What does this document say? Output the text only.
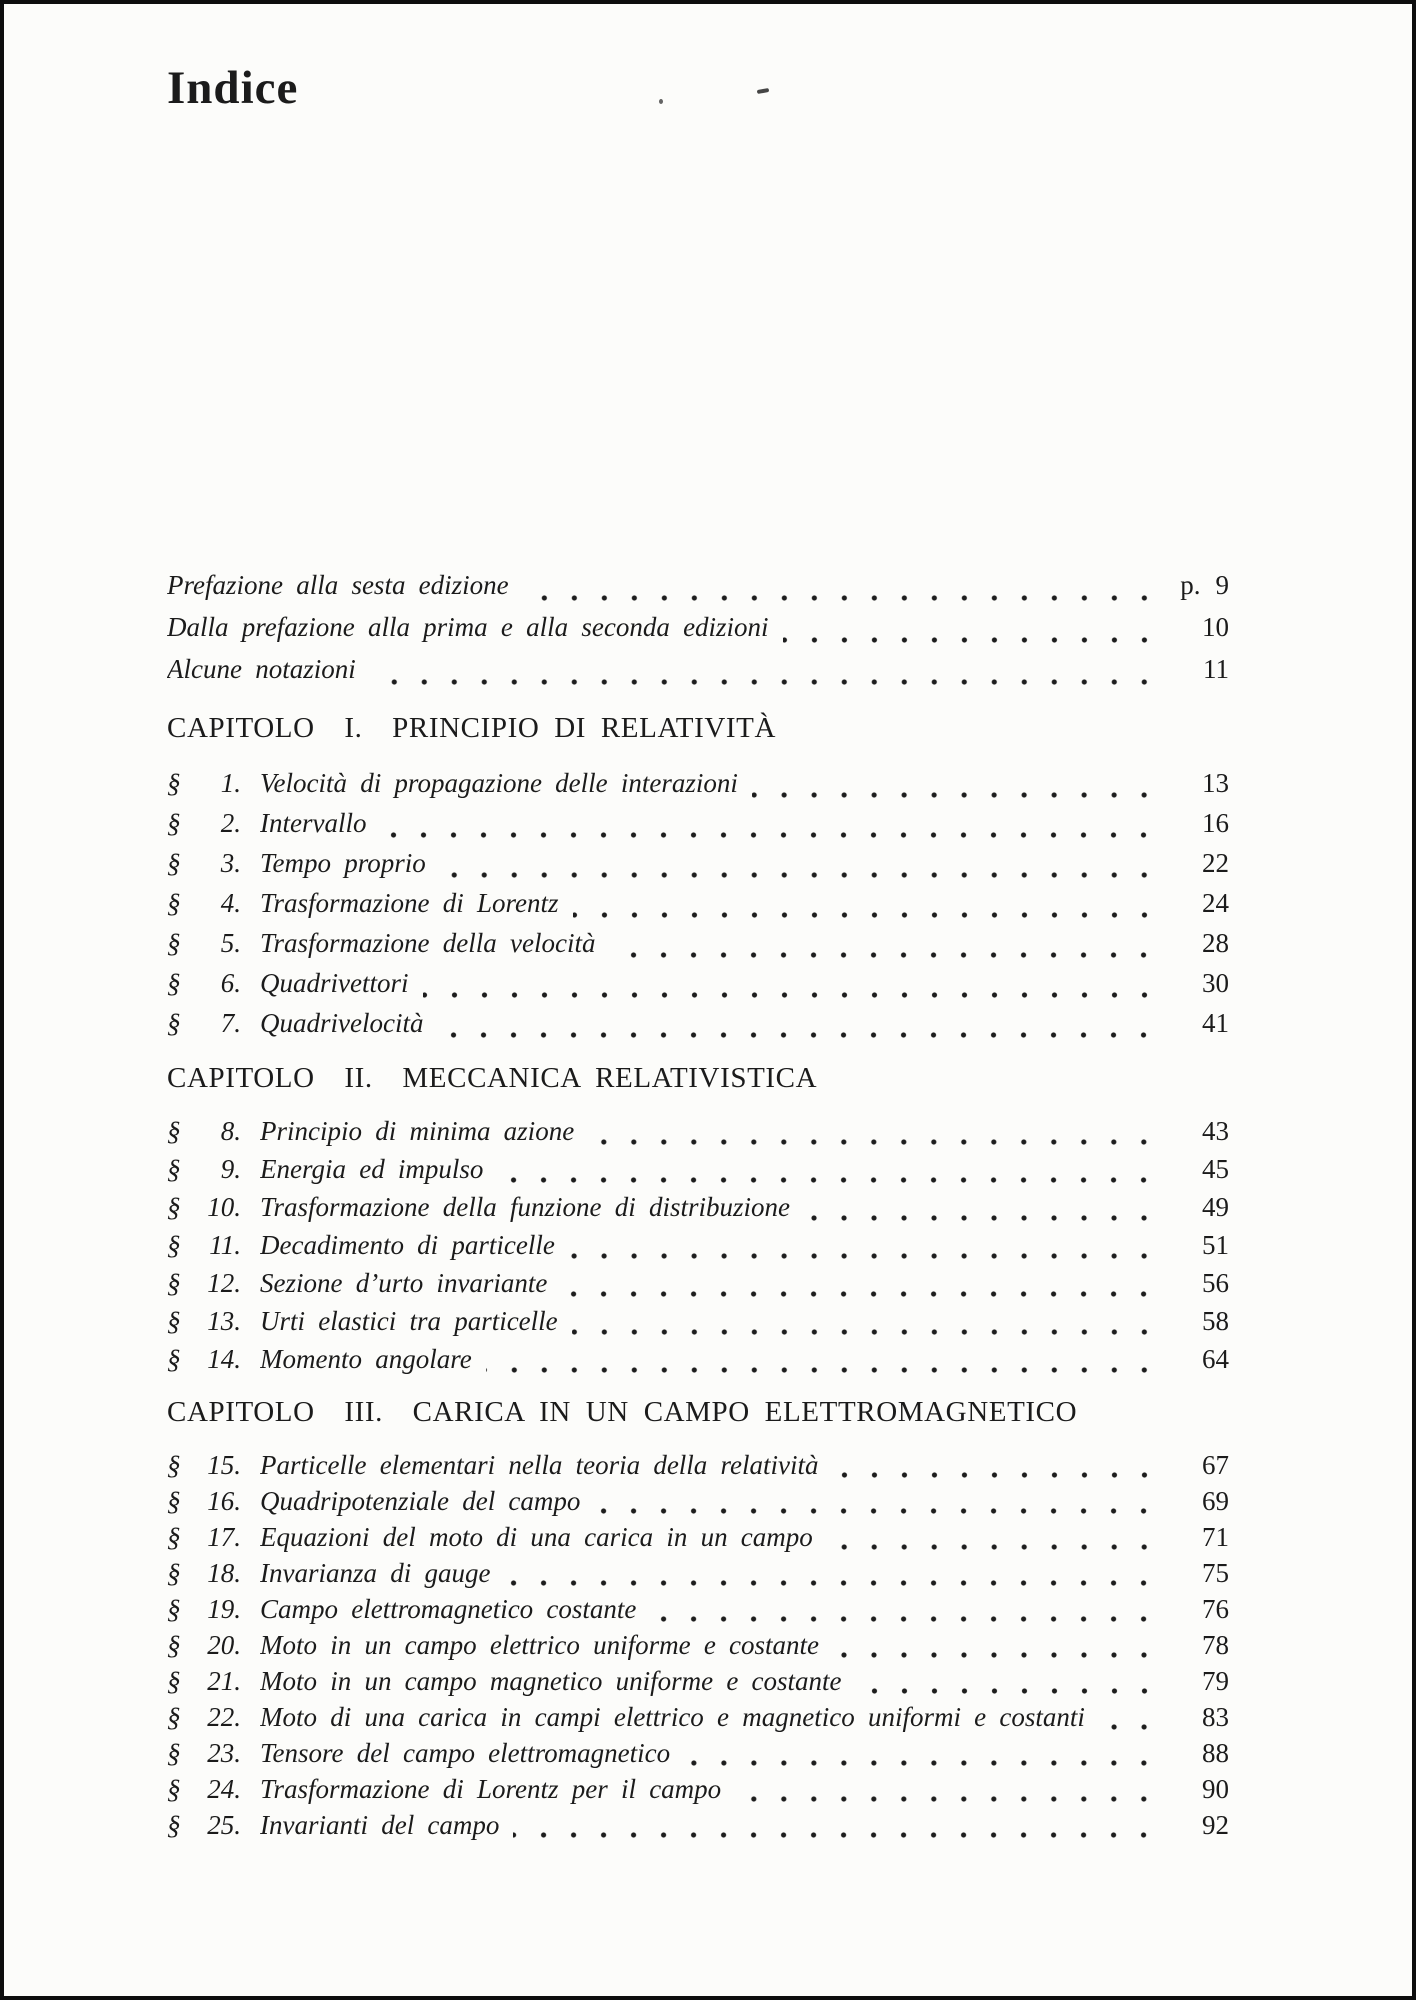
Indice
Prefazione alla sesta edizione	p. 9
Dalla prefazione alla prima e alla seconda edizioni	10
Alcune notazioni	11
CAPITOLO  I.  PRINCIPIO DI RELATIVITÀ
§	1. Velocità di propagazione delle interazioni	13
§	2. Intervallo	16
§	3. Tempo proprio	22
§	4. Trasformazione di Lorentz	24
§	5. Trasformazione della velocità	28
§	6. Quadrivettori	30
§	7. Quadrivelocità	41
CAPITOLO  II.  MECCANICA RELATIVISTICA
§	8. Principio di minima azione	43
§	9. Energia ed impulso	45
§ 10. Trasformazione della funzione di distribuzione	49
§	11. Decadimento di particelle	51
§ 12. Sezione d’urto invariante	56
§ 13. Urti elastici tra particelle	58
§ 14. Momento angolare	64
CAPITOLO  III.  CARICA IN UN CAMPO ELETTROMAGNETICO
§ 15. Particelle elementari nella teoria della relatività	67
§ 16. Quadripotenziale del campo	69
§ 17. Equazioni del moto di una carica in un campo	71
§ 18. Invarianza di gauge	75
§ 19. Campo elettromagnetico costante	76
§ 20. Moto in un campo elettrico uniforme e costante	78
§ 21. Moto in un campo magnetico uniforme e costante	79
§ 22. Moto di una carica in campi elettrico e magnetico uniformi e costanti	83
§ 23. Tensore del campo elettromagnetico	88
§ 24. Trasformazione di Lorentz per il campo	90
§ 25. Invarianti del campo	92
